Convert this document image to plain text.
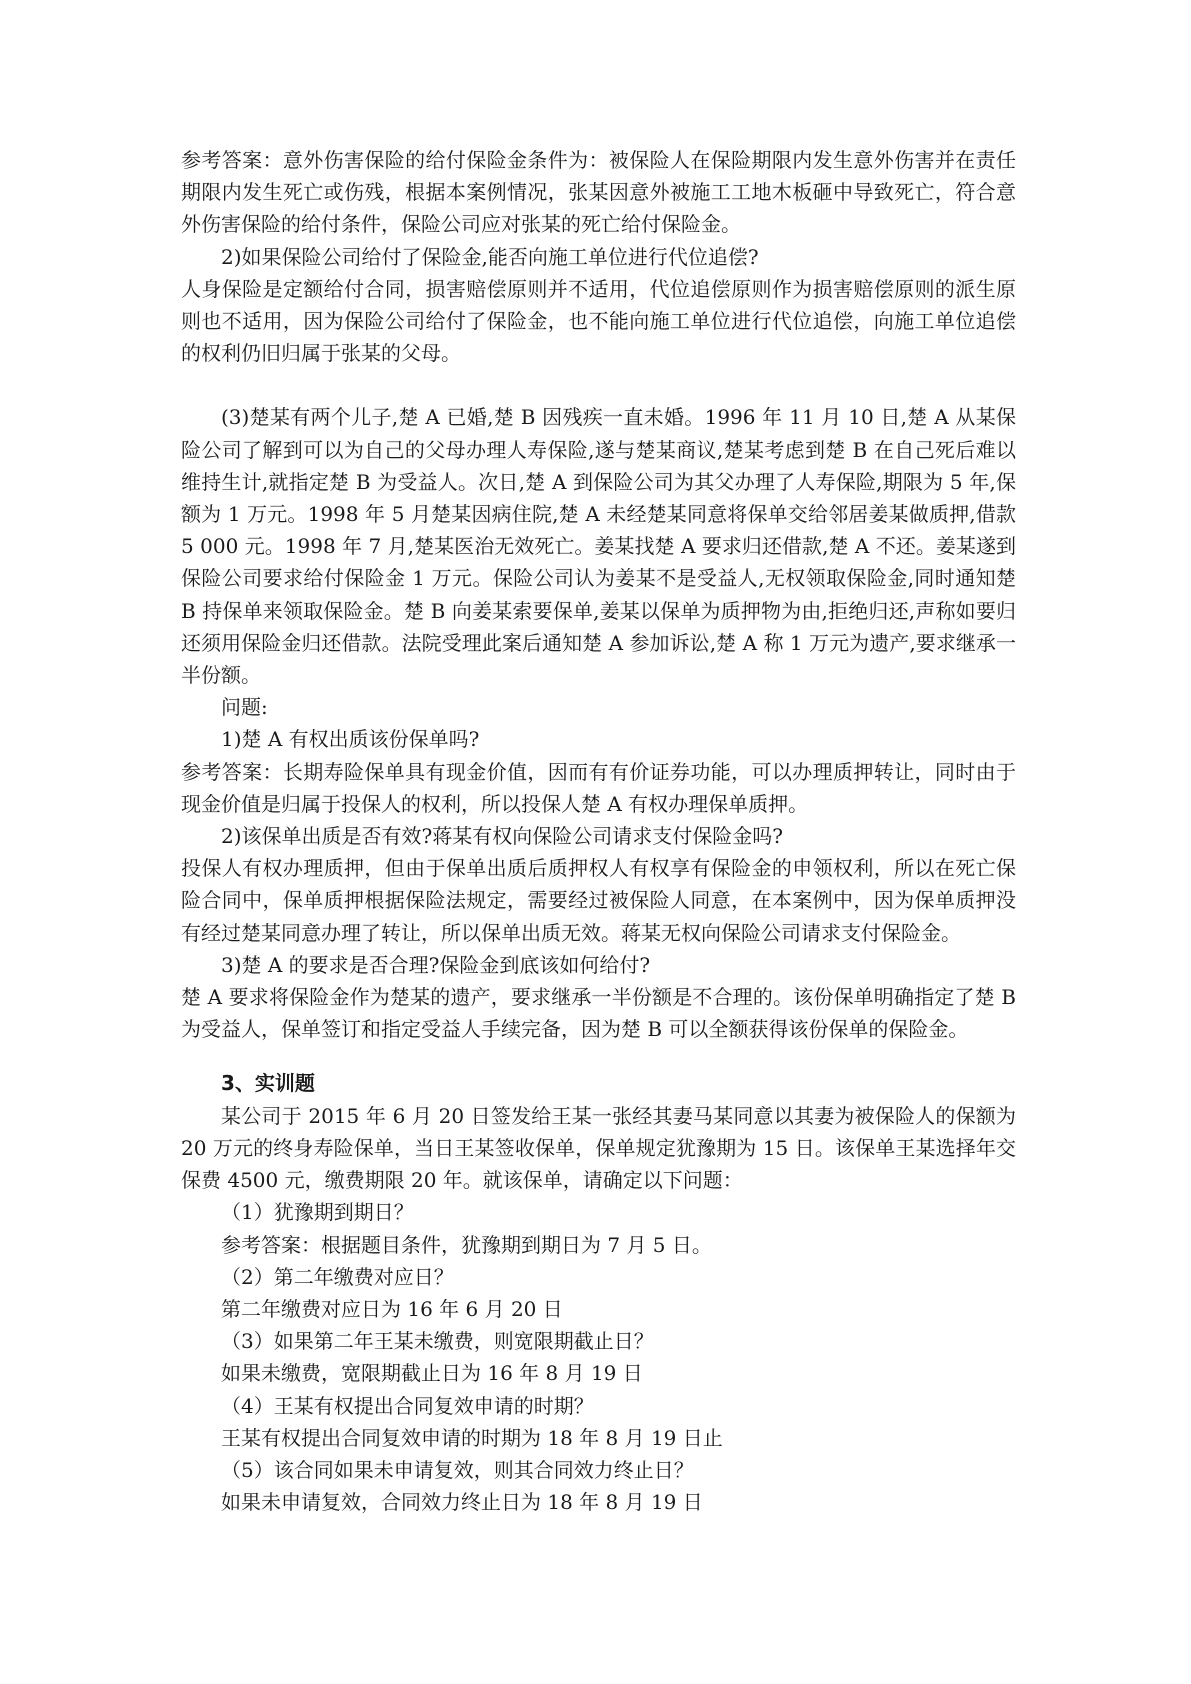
参考答案：意外伤害保险的给付保险金条件为：被保险人在保险期限内发生意外伤害并在责任期限内发生死亡或伤残，根据本案例情况，张某因意外被施工工地木板砸中导致死亡，符合意外伤害保险的给付条件，保险公司应对张某的死亡给付保险金。

2)如果保险公司给付了保险金,能否向施工单位进行代位追偿?

人身保险是定额给付合同，损害赔偿原则并不适用，代位追偿原则作为损害赔偿原则的派生原则也不适用，因为保险公司给付了保险金，也不能向施工单位进行代位追偿，向施工单位追偿的权利仍旧归属于张某的父母。

(3)楚某有两个儿子,楚 A 已婚,楚 B 因残疾一直未婚。1996 年 11 月 10 日,楚 A 从某保险公司了解到可以为自己的父母办理人寿保险,遂与楚某商议,楚某考虑到楚 B 在自己死后难以维持生计,就指定楚 B 为受益人。次日,楚 A 到保险公司为其父办理了人寿保险,期限为 5 年,保额为 1 万元。1998 年 5 月楚某因病住院,楚 A 未经楚某同意将保单交给邻居姜某做质押,借款 5 000 元。1998 年 7 月,楚某医治无效死亡。姜某找楚 A 要求归还借款,楚 A 不还。姜某遂到保险公司要求给付保险金 1 万元。保险公司认为姜某不是受益人,无权领取保险金,同时通知楚 B 持保单来领取保险金。楚 B 向姜某索要保单,姜某以保单为质押物为由,拒绝归还,声称如要归还须用保险金归还借款。法院受理此案后通知楚 A 参加诉讼,楚 A 称 1 万元为遗产,要求继承一半份额。

问题:

1)楚 A 有权出质该份保单吗?

参考答案：长期寿险保单具有现金价值，因而有有价证券功能，可以办理质押转让，同时由于现金价值是归属于投保人的权利，所以投保人楚 A 有权办理保单质押。

2)该保单出质是否有效?蒋某有权向保险公司请求支付保险金吗?

投保人有权办理质押，但由于保单出质后质押权人有权享有保险金的申领权利，所以在死亡保险合同中，保单质押根据保险法规定，需要经过被保险人同意，在本案例中，因为保单质押没有经过楚某同意办理了转让，所以保单出质无效。蒋某无权向保险公司请求支付保险金。

3)楚 A 的要求是否合理?保险金到底该如何给付?

楚 A 要求将保险金作为楚某的遗产，要求继承一半份额是不合理的。该份保单明确指定了楚 B 为受益人，保单签订和指定受益人手续完备，因为楚 B 可以全额获得该份保单的保险金。

3、实训题

某公司于 2015 年 6 月 20 日签发给王某一张经其妻马某同意以其妻为被保险人的保额为 20 万元的终身寿险保单，当日王某签收保单，保单规定犹豫期为 15 日。该保单王某选择年交保费 4500 元，缴费期限 20 年。就该保单，请确定以下问题：

（1）犹豫期到期日？

参考答案：根据题目条件，犹豫期到期日为 7 月 5 日。

（2）第二年缴费对应日？

第二年缴费对应日为 16 年 6 月 20 日

（3）如果第二年王某未缴费，则宽限期截止日？

如果未缴费，宽限期截止日为 16 年 8 月 19 日

（4）王某有权提出合同复效申请的时期？

王某有权提出合同复效申请的时期为 18 年 8 月 19 日止

（5）该合同如果未申请复效，则其合同效力终止日？

如果未申请复效，合同效力终止日为 18 年 8 月 19 日
